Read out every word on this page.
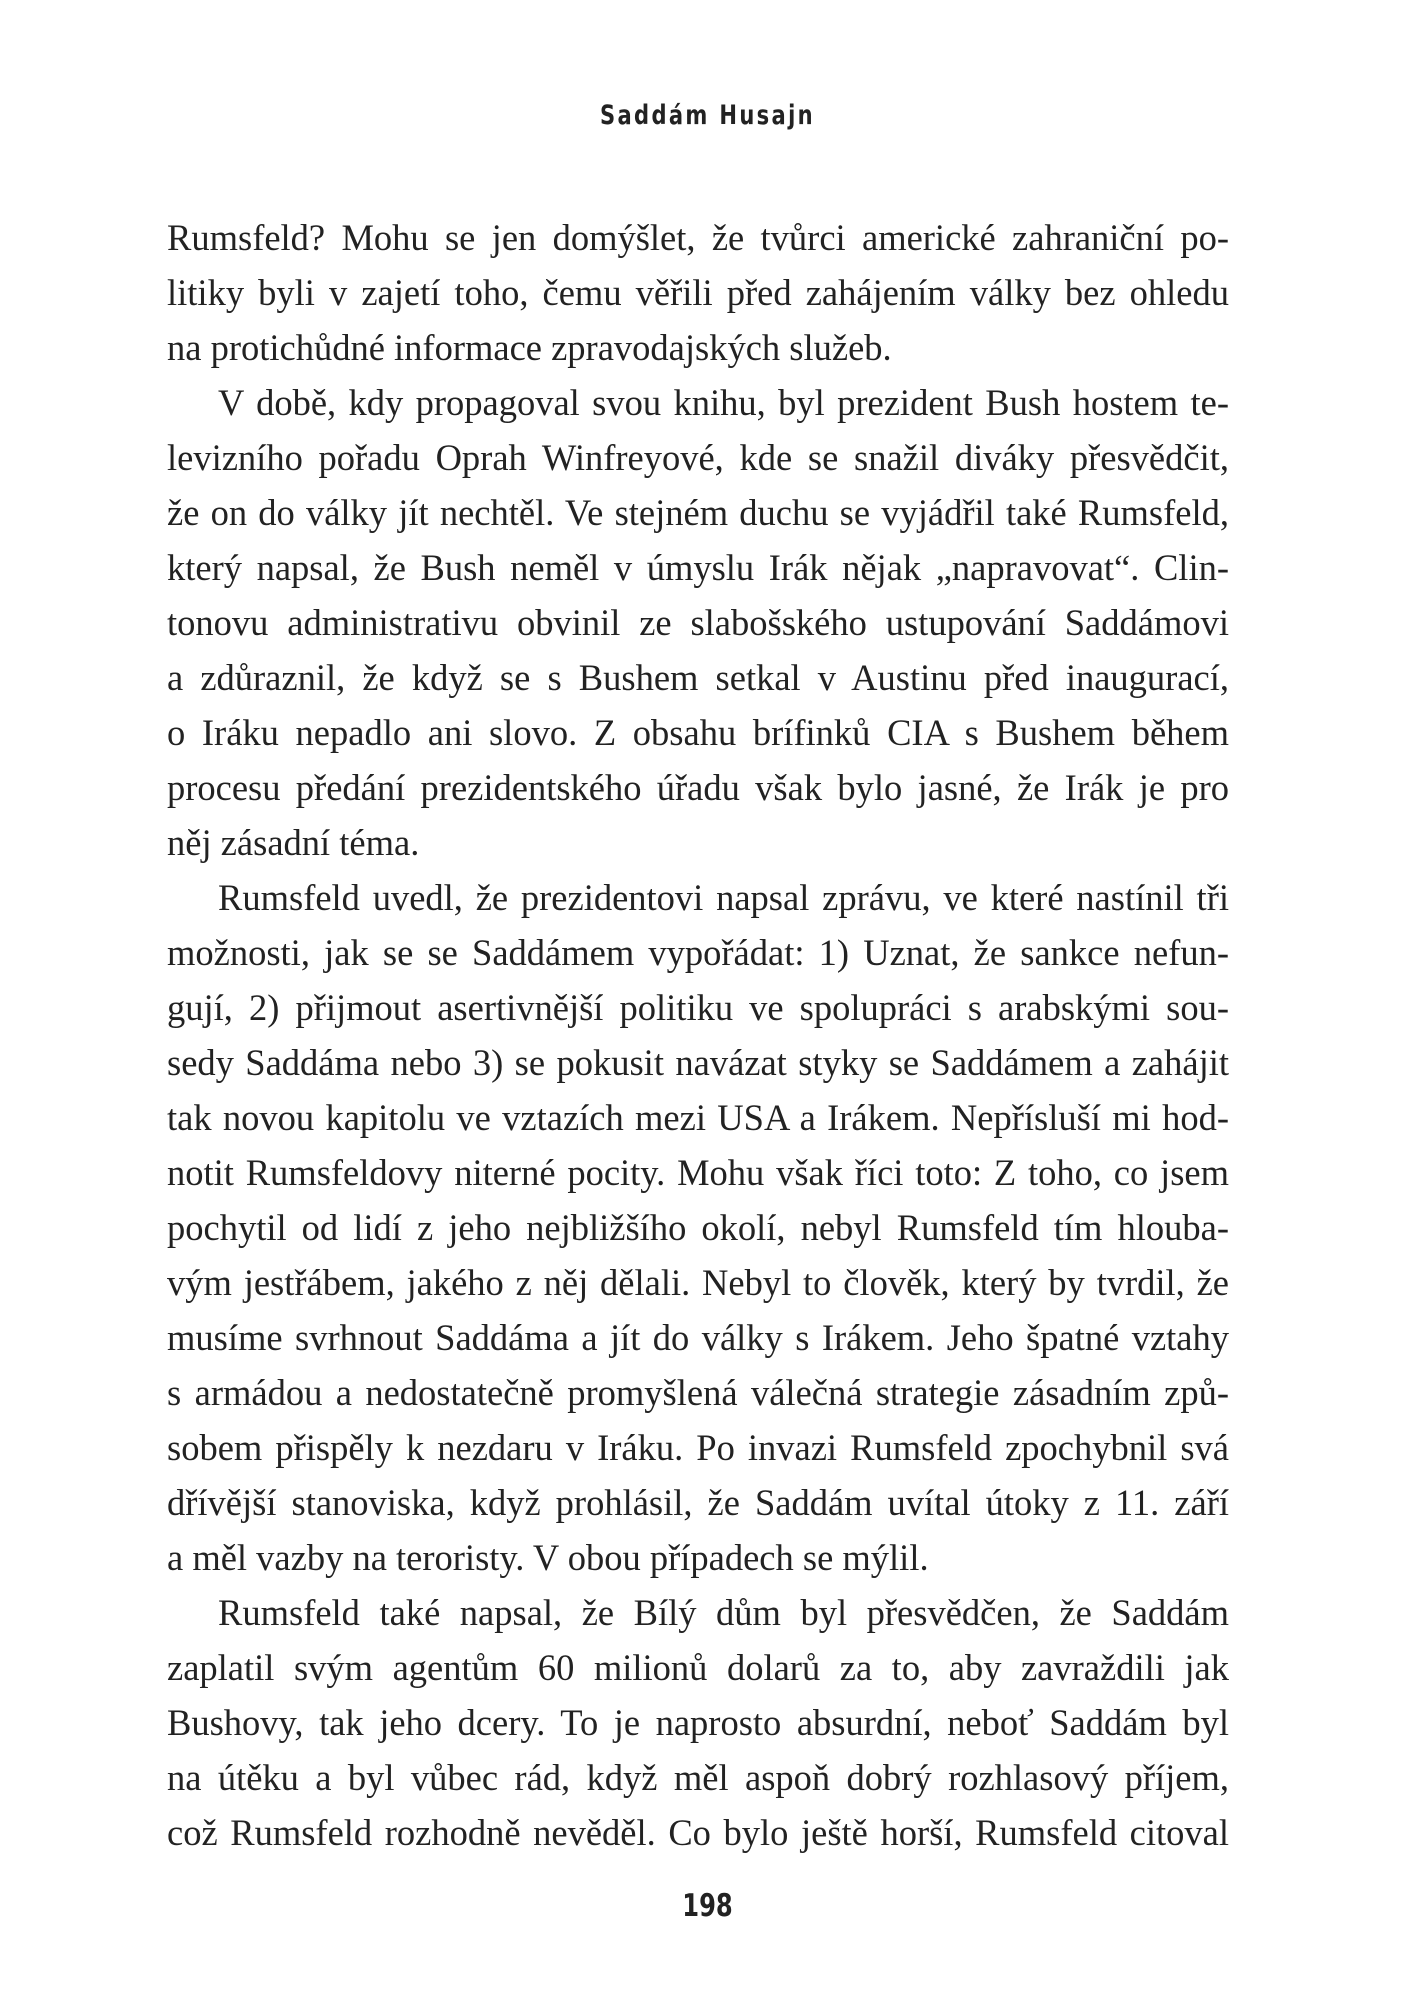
Saddám Husajn
Rumsfeld? Mohu se jen domýšlet, že tvůrci americké zahraniční po-
litiky byli v zajetí toho, čemu věřili před zahájením války bez ohledu
na protichůdné informace zpravodajských služeb.
V době, kdy propagoval svou knihu, byl prezident Bush hostem te-
levizního pořadu Oprah Winfreyové, kde se snažil diváky přesvědčit,
že on do války jít nechtěl. Ve stejném duchu se vyjádřil také Rumsfeld,
který napsal, že Bush neměl v úmyslu Irák nějak „napravovat“. Clin-
tonovu administrativu obvinil ze slabošského ustupování Saddámovi
a zdůraznil, že když se s Bushem setkal v Austinu před inaugurací,
o Iráku nepadlo ani slovo. Z obsahu brífinků CIA s Bushem během
procesu předání prezidentského úřadu však bylo jasné, že Irák je pro
něj zásadní téma.
Rumsfeld uvedl, že prezidentovi napsal zprávu, ve které nastínil tři
možnosti, jak se se Saddámem vypořádat: 1) Uznat, že sankce nefun-
gují, 2) přijmout asertivnější politiku ve spolupráci s arabskými sou-
sedy Saddáma nebo 3) se pokusit navázat styky se Saddámem a zahájit
tak novou kapitolu ve vztazích mezi USA a Irákem. Nepřísluší mi hod-
notit Rumsfeldovy niterné pocity. Mohu však říci toto: Z toho, co jsem
pochytil od lidí z jeho nejbližšího okolí, nebyl Rumsfeld tím hlouba-
vým jestřábem, jakého z něj dělali. Nebyl to člověk, který by tvrdil, že
musíme svrhnout Saddáma a jít do války s Irákem. Jeho špatné vztahy
s armádou a nedostatečně promyšlená válečná strategie zásadním způ-
sobem přispěly k nezdaru v Iráku. Po invazi Rumsfeld zpochybnil svá
dřívější stanoviska, když prohlásil, že Saddám uvítal útoky z 11. září
a měl vazby na teroristy. V obou případech se mýlil.
Rumsfeld také napsal, že Bílý dům byl přesvědčen, že Saddám
zaplatil svým agentům 60 milionů dolarů za to, aby zavraždili jak
Bushovy, tak jeho dcery. To je naprosto absurdní, neboť Saddám byl
na útěku a byl vůbec rád, když měl aspoň dobrý rozhlasový příjem,
což Rumsfeld rozhodně nevěděl. Co bylo ještě horší, Rumsfeld citoval
198
